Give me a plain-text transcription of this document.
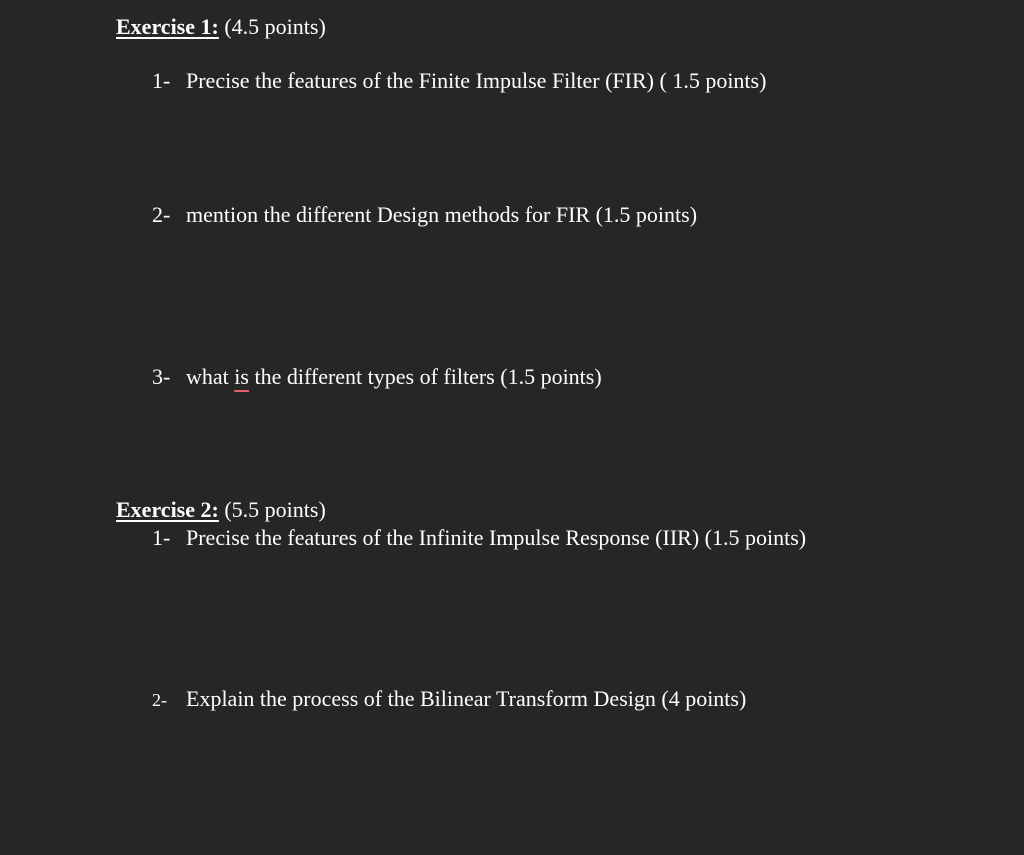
Exercise 1: (4.5 points)
1- Precise the features of the Finite Impulse Filter (FIR) ( 1.5 points)
2- mention the different Design methods for FIR (1.5 points)
3- what is the different types of filters (1.5 points)
Exercise 2: (5.5 points)
1- Precise the features of the Infinite Impulse Response (IIR) (1.5 points)
2- Explain the process of the Bilinear Transform Design (4 points)
